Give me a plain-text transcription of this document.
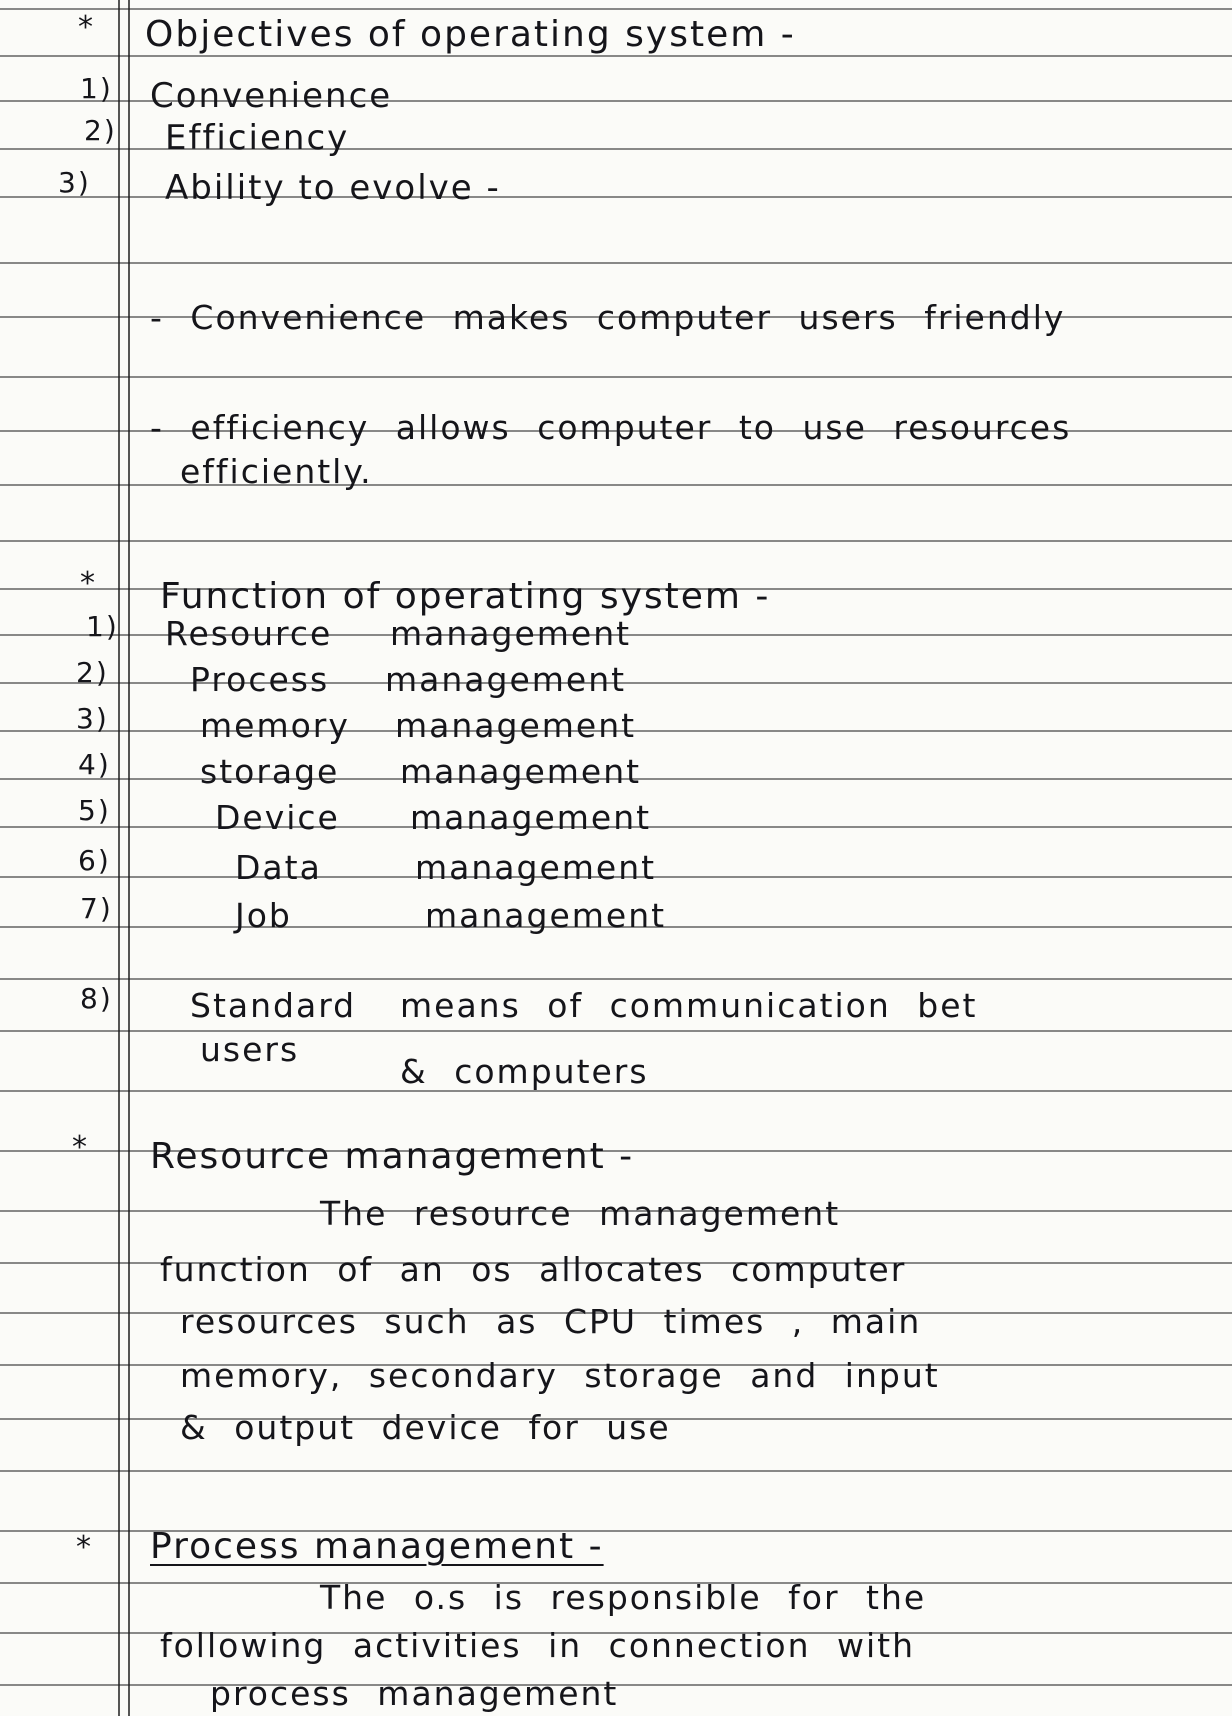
* Objectives of operating system -
1) Convenience
2) Efficiency
3) Ability to evolve -
- Convenience makes computer users friendly
- efficiency allows computer to use resources
efficiently.
* Function of operating system -
1) Resource management
2) Process management
3)	memory management
4)	storage management
5)	Device management
6)	Data	management
7)	Job	management
8) Standard means of communication bet
users
& computers
* Resource management -
The resource management
function of an os allocates computer
resources such as CPU times , main
memory, secondary storage and input
& output device for use
* Process management -
The o.s is responsible for the
following activities in connection with
process management
